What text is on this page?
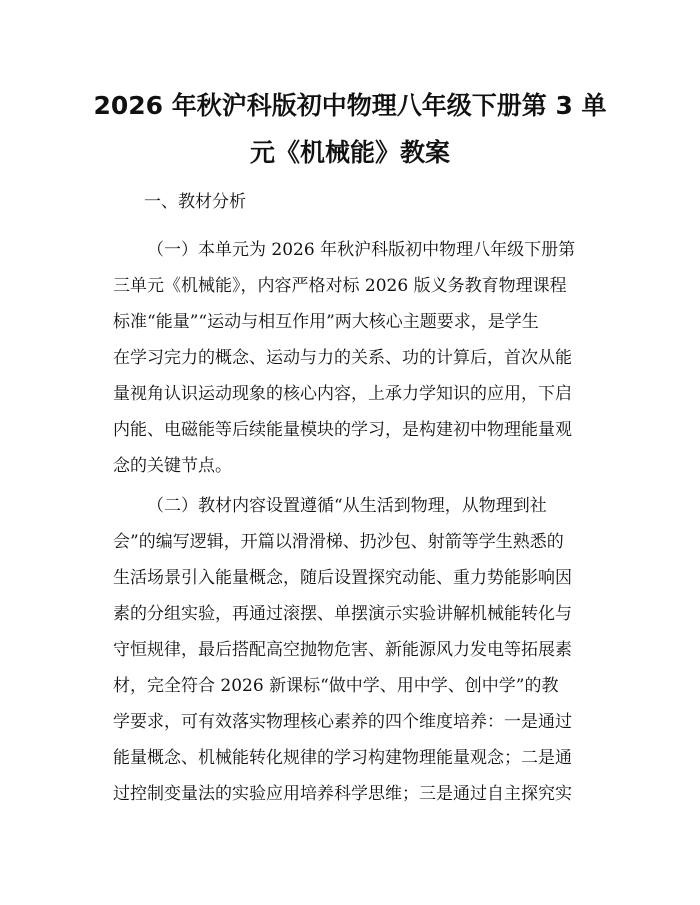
2026 年秋沪科版初中物理八年级下册第 3 单
元《机械能》教案
一、教材分析
（一）本单元为 2026 年秋沪科版初中物理八年级下册第
三单元《机械能》，内容严格对标 2026 版义务教育物理课程
标准“能量”“运动与相互作用”两大核心主题要求，是学生
在学习完力的概念、运动与力的关系、功的计算后，首次从能
量视角认识运动现象的核心内容，上承力学知识的应用，下启
内能、电磁能等后续能量模块的学习，是构建初中物理能量观
念的关键节点。
（二）教材内容设置遵循“从生活到物理，从物理到社
会”的编写逻辑，开篇以滑滑梯、扔沙包、射箭等学生熟悉的
生活场景引入能量概念，随后设置探究动能、重力势能影响因
素的分组实验，再通过滚摆、单摆演示实验讲解机械能转化与
守恒规律，最后搭配高空抛物危害、新能源风力发电等拓展素
材，完全符合 2026 新课标“做中学、用中学、创中学”的教
学要求，可有效落实物理核心素养的四个维度培养：一是通过
能量概念、机械能转化规律的学习构建物理能量观念；二是通
过控制变量法的实验应用培养科学思维；三是通过自主探究实
